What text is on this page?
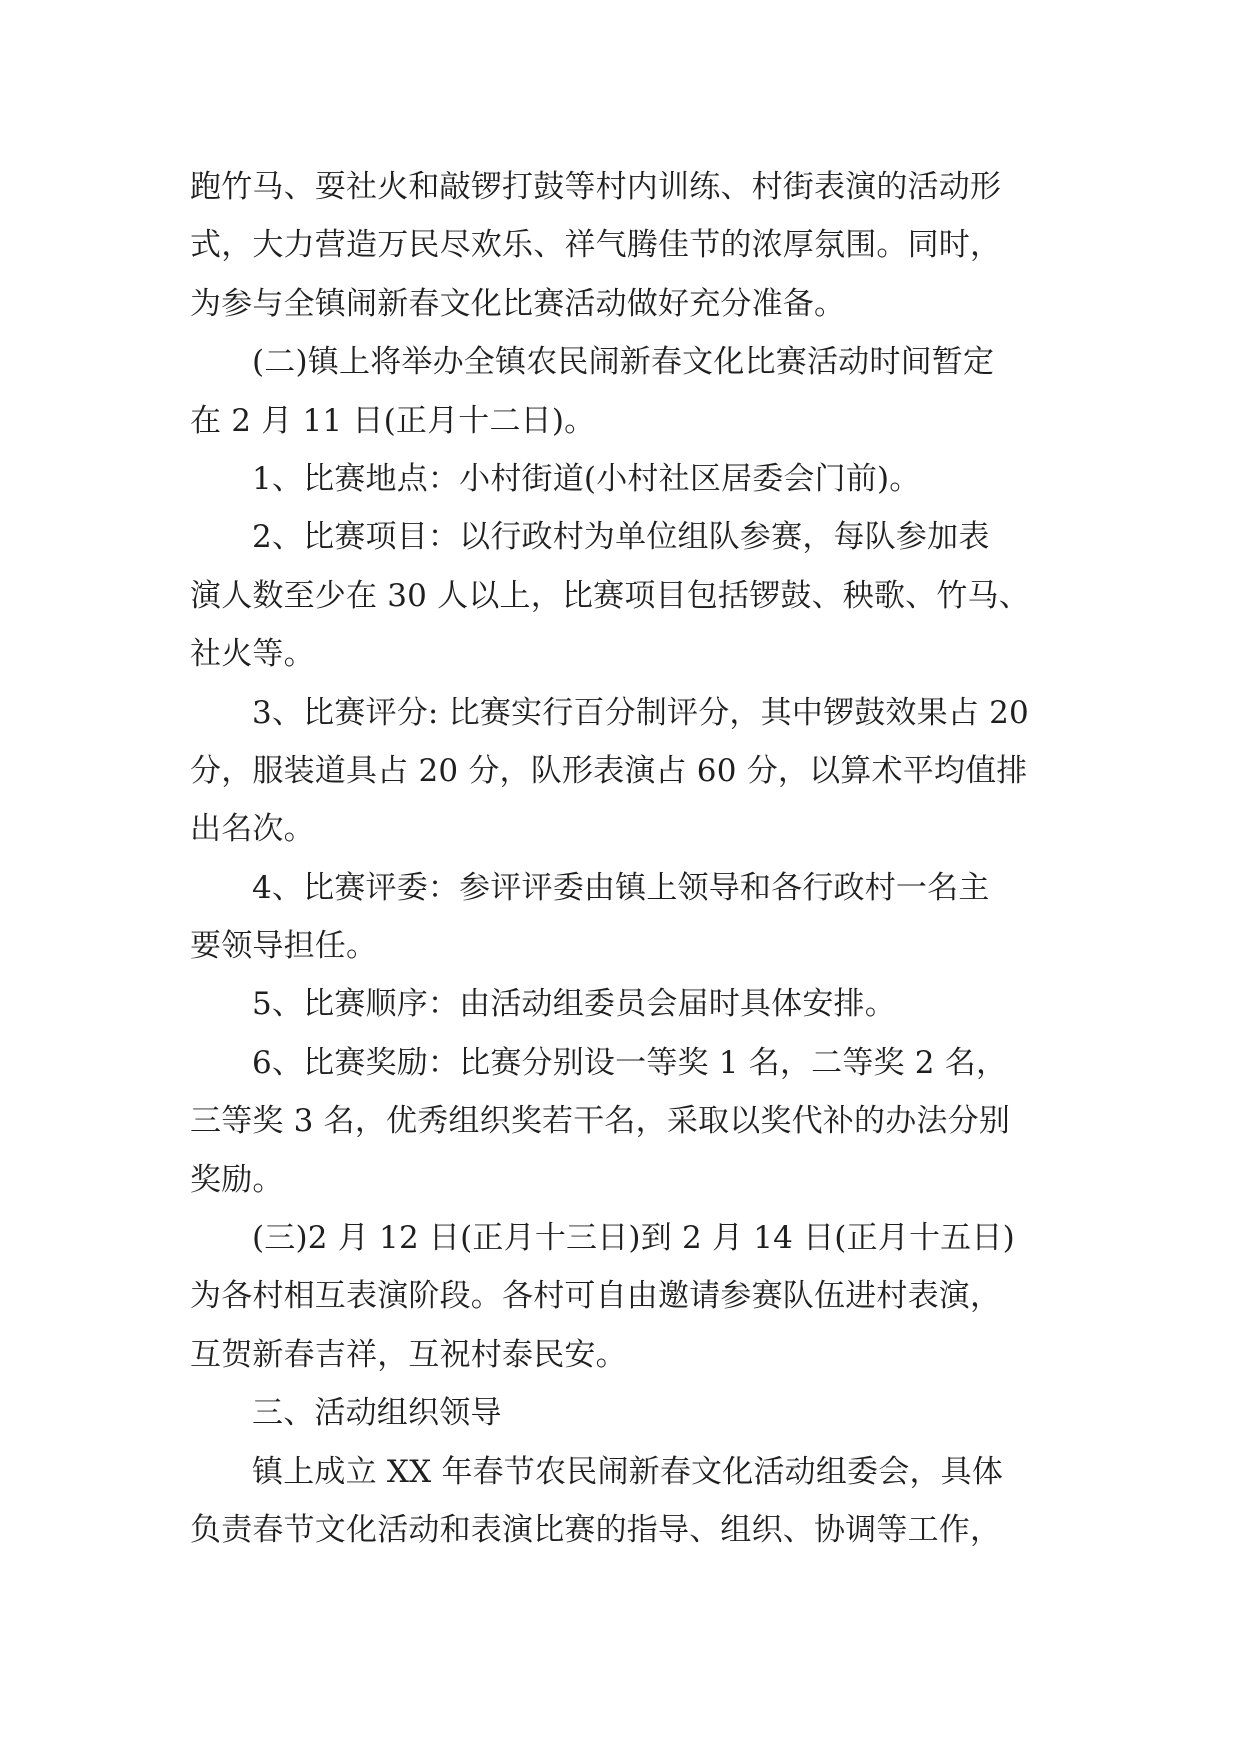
跑竹马、耍社火和敲锣打鼓等村内训练、村街表演的活动形
式，大力营造万民尽欢乐、祥气腾佳节的浓厚氛围。同时，
为参与全镇闹新春文化比赛活动做好充分准备。
(二)镇上将举办全镇农民闹新春文化比赛活动时间暂定
在 2 月 11 日(正月十二日)。
1、比赛地点：小村街道(小村社区居委会门前)。
2、比赛项目：以行政村为单位组队参赛，每队参加表
演人数至少在 30 人以上，比赛项目包括锣鼓、秧歌、竹马、
社火等。
3、比赛评分: 比赛实行百分制评分，其中锣鼓效果占 20
分，服装道具占 20 分，队形表演占 60 分，以算术平均值排
出名次。
4、比赛评委：参评评委由镇上领导和各行政村一名主
要领导担任。
5、比赛顺序：由活动组委员会届时具体安排。
6、比赛奖励：比赛分别设一等奖 1 名，二等奖 2 名，
三等奖 3 名，优秀组织奖若干名，采取以奖代补的办法分别
奖励。
(三)2 月 12 日(正月十三日)到 2 月 14 日(正月十五日)
为各村相互表演阶段。各村可自由邀请参赛队伍进村表演，
互贺新春吉祥，互祝村泰民安。
三、活动组织领导
镇上成立 XX 年春节农民闹新春文化活动组委会，具体
负责春节文化活动和表演比赛的指导、组织、协调等工作，
